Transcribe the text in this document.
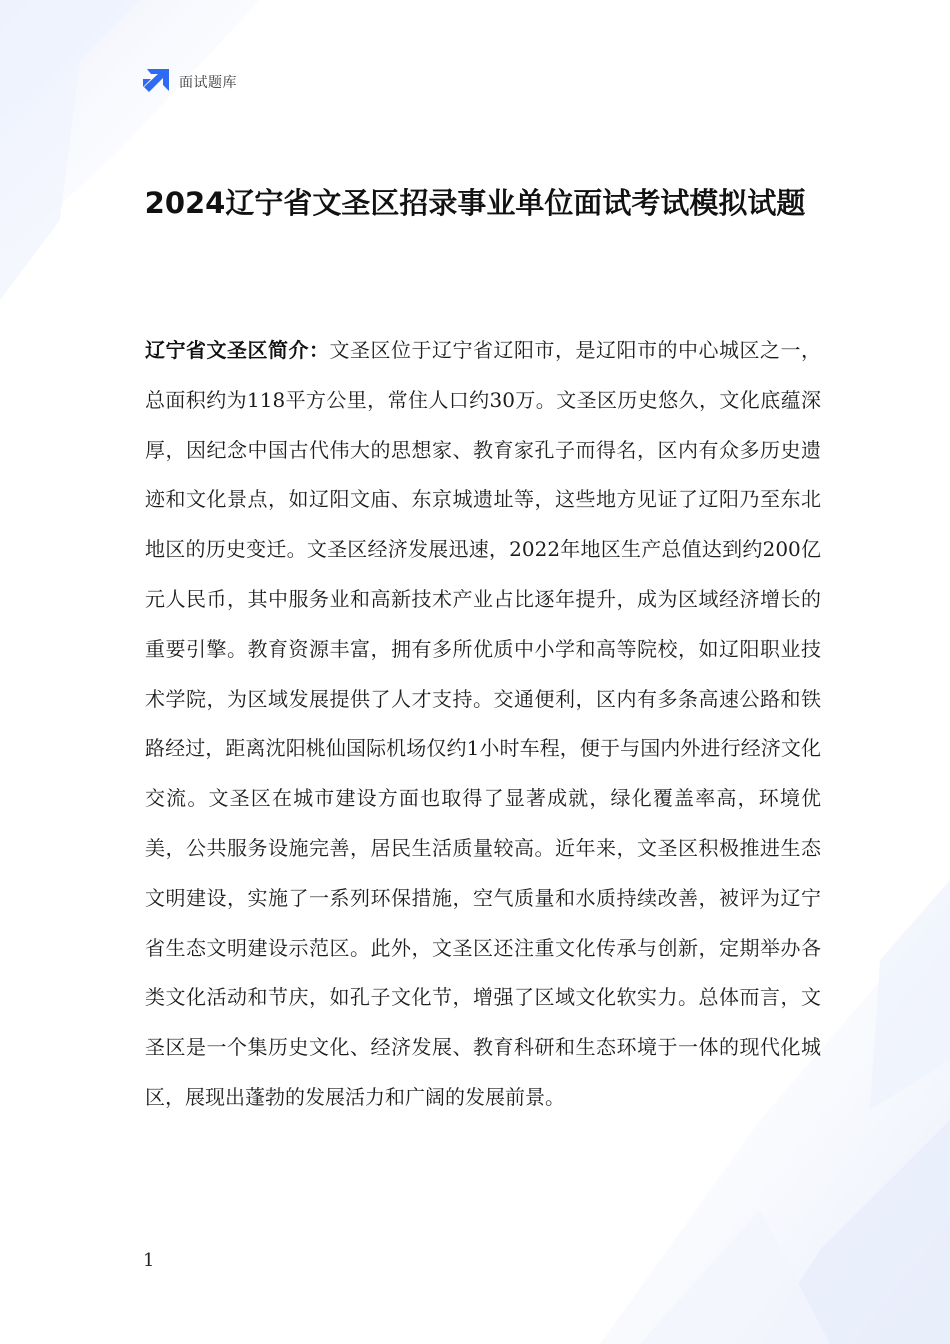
面试题库
2024辽宁省文圣区招录事业单位面试考试模拟试题

辽宁省文圣区简介：文圣区位于辽宁省辽阳市，是辽阳市的中心城区之一，总面积约为118平方公里，常住人口约30万。文圣区历史悠久，文化底蕴深厚，因纪念中国古代伟大的思想家、教育家孔子而得名，区内有众多历史遗迹和文化景点，如辽阳文庙、东京城遗址等，这些地方见证了辽阳乃至东北地区的历史变迁。文圣区经济发展迅速，2022年地区生产总值达到约200亿元人民币，其中服务业和高新技术产业占比逐年提升，成为区域经济增长的重要引擎。教育资源丰富，拥有多所优质中小学和高等院校，如辽阳职业技术学院，为区域发展提供了人才支持。交通便利，区内有多条高速公路和铁路经过，距离沈阳桃仙国际机场仅约1小时车程，便于与国内外进行经济文化交流。文圣区在城市建设方面也取得了显著成就，绿化覆盖率高，环境优美，公共服务设施完善，居民生活质量较高。近年来，文圣区积极推进生态文明建设，实施了一系列环保措施，空气质量和水质持续改善，被评为辽宁省生态文明建设示范区。此外，文圣区还注重文化传承与创新，定期举办各类文化活动和节庆，如孔子文化节，增强了区域文化软实力。总体而言，文圣区是一个集历史文化、经济发展、教育科研和生态环境于一体的现代化城区，展现出蓬勃的发展活力和广阔的发展前景。

1
